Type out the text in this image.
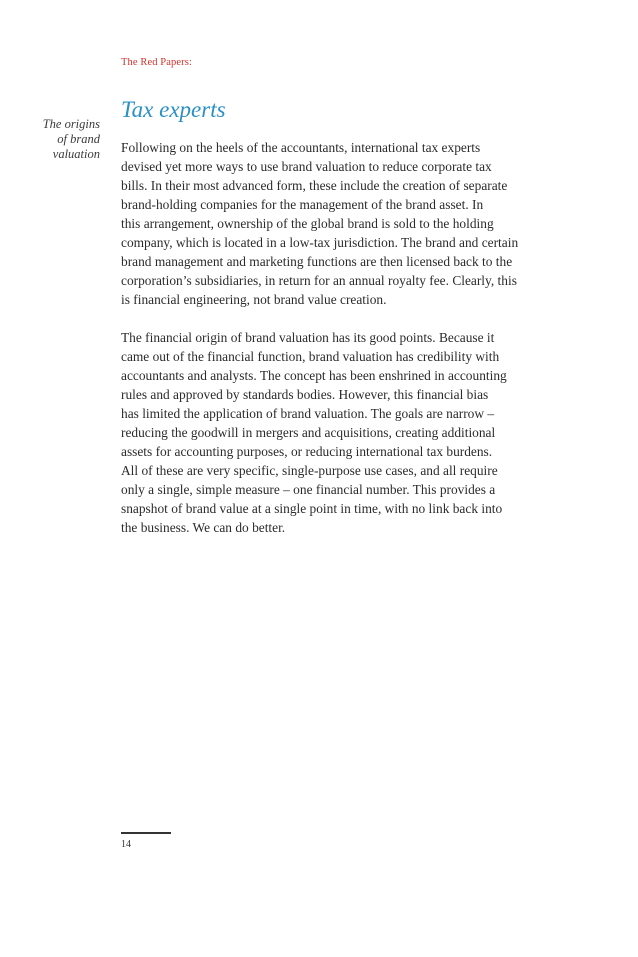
The Red Papers:
The origins
of brand
valuation
Tax experts

Following on the heels of the accountants, international tax experts
devised yet more ways to use brand valuation to reduce corporate tax
bills. In their most advanced form, these include the creation of separate
brand-holding companies for the management of the brand asset. In
this arrangement, ownership of the global brand is sold to the holding
company, which is located in a low-tax jurisdiction. The brand and certain
brand management and marketing functions are then licensed back to the
corporation’s subsidiaries, in return for an annual royalty fee. Clearly, this
is financial engineering, not brand value creation.

The financial origin of brand valuation has its good points. Because it
came out of the financial function, brand valuation has credibility with
accountants and analysts. The concept has been enshrined in accounting
rules and approved by standards bodies. However, this financial bias
has limited the application of brand valuation. The goals are narrow –
reducing the goodwill in mergers and acquisitions, creating additional
assets for accounting purposes, or reducing international tax burdens.
All of these are very specific, single-purpose use cases, and all require
only a single, simple measure – one financial number. This provides a
snapshot of brand value at a single point in time, with no link back into
the business. We can do better.

14
